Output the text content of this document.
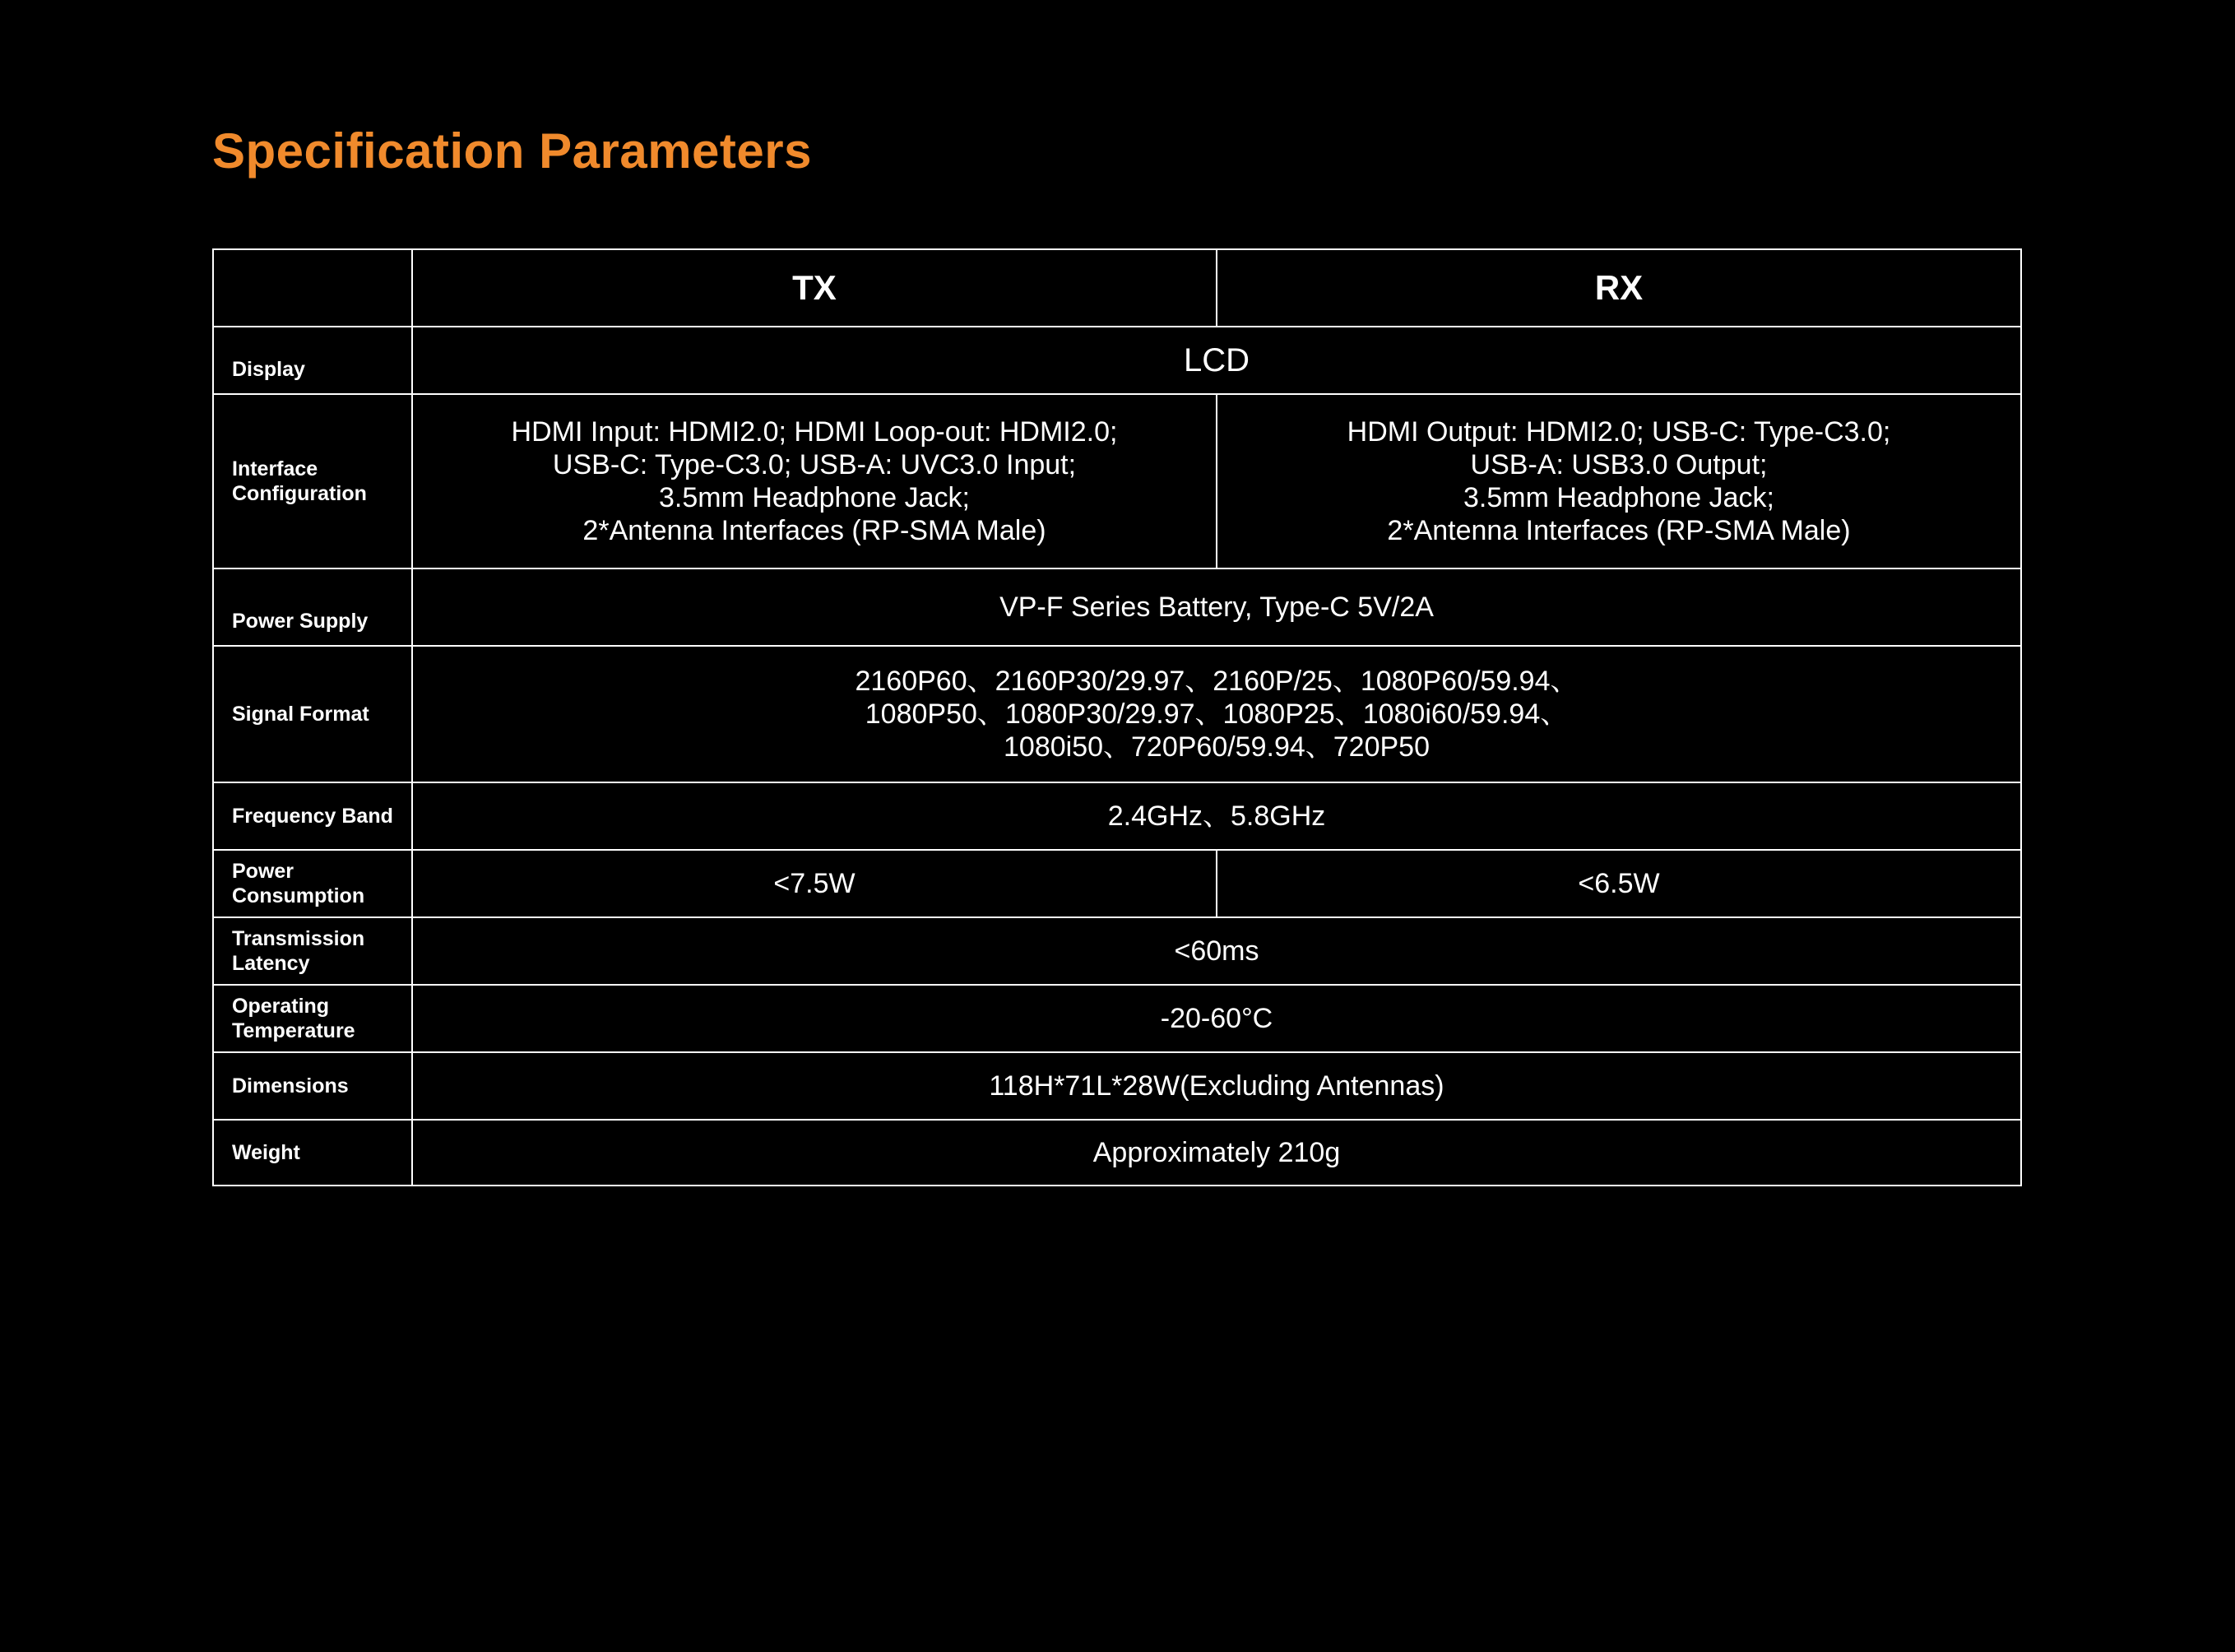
Specification Parameters
	TX	RX

Display	LCD	

Interface
Configuration	HDMI Input: HDMI2.0; HDMI Loop-out: HDMI2.0;
USB-C: Type-C3.0; USB-A: UVC3.0 Input;
3.5mm Headphone Jack;
2*Antenna Interfaces (RP-SMA Male)	HDMI Output: HDMI2.0; USB-C: Type-C3.0;
USB-A: USB3.0 Output;
3.5mm Headphone Jack;
2*Antenna Interfaces (RP-SMA Male)

Power Supply	VP-F Series Battery, Type-C 5V/2A	

Signal Format	2160P60、2160P30/29.97、2160P/25、1080P60/59.94、
1080P50、1080P30/29.97、1080P25、1080i60/59.94、
1080i50、720P60/59.94、720P50	

Frequency Band	2.4GHz、5.8GHz	

Power
Consumption	<7.5W	<6.5W

Transmission
Latency	<60ms	

Operating
Temperature	-20-60°C	

Dimensions	118H*71L*28W(Excluding Antennas)	

Weight	Approximately 210g	
